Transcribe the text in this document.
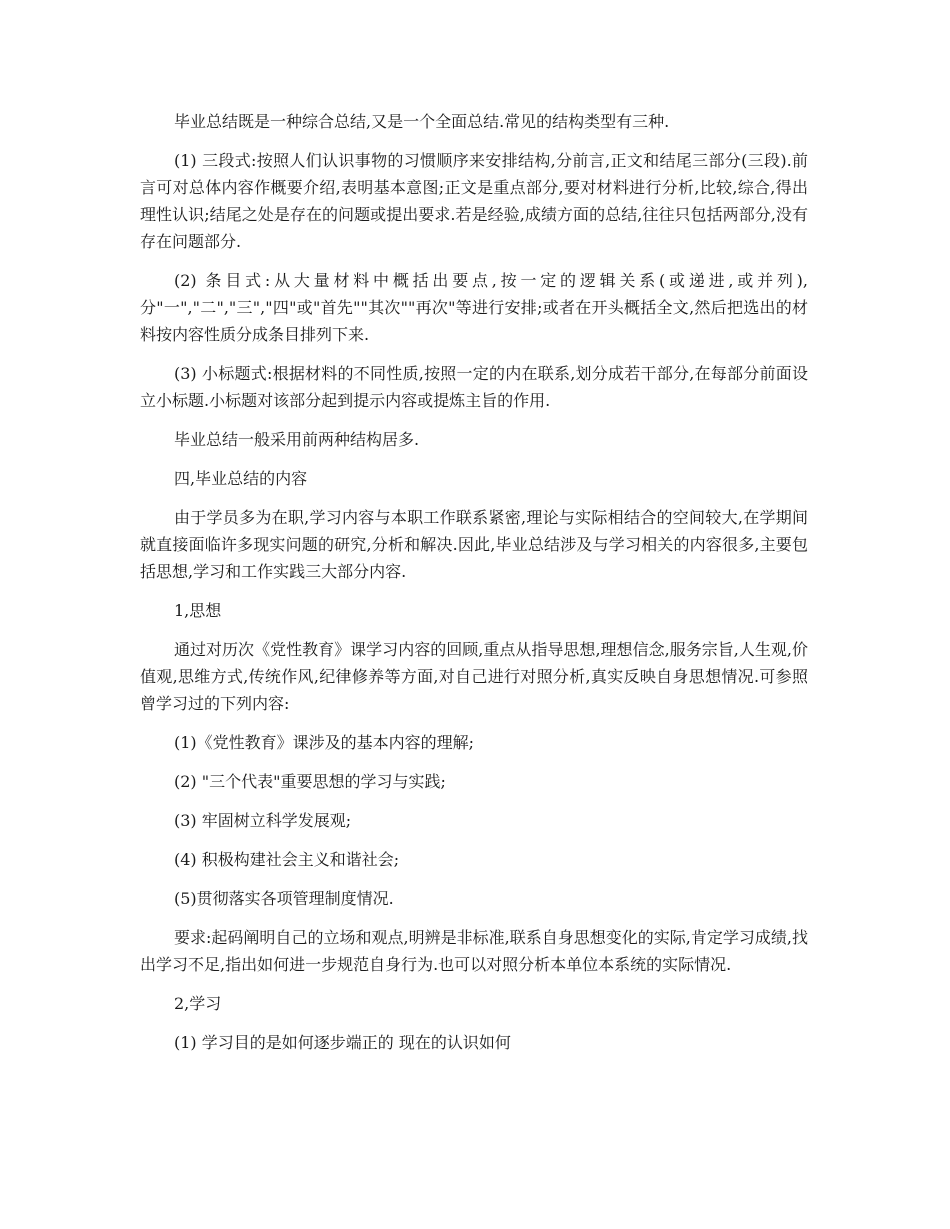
毕业总结既是一种综合总结,又是一个全面总结.常见的结构类型有三种.

(1) 三段式:按照人们认识事物的习惯顺序来安排结构,分前言,正文和结尾三部分(三段).前言可对总体内容作概要介绍,表明基本意图;正文是重点部分,要对材料进行分析,比较,综合,得出理性认识;结尾之处是存在的问题或提出要求.若是经验,成绩方面的总结,往往只包括两部分,没有存在问题部分.

(2) 条目式:从大量材料中概括出要点,按一定的逻辑关系(或递进,或并列),分"一","二","三","四"或"首先""其次""再次"等进行安排;或者在开头概括全文,然后把选出的材料按内容性质分成条目排列下来.

(3) 小标题式:根据材料的不同性质,按照一定的内在联系,划分成若干部分,在每部分前面设立小标题.小标题对该部分起到提示内容或提炼主旨的作用.

毕业总结一般采用前两种结构居多.

四,毕业总结的内容

由于学员多为在职,学习内容与本职工作联系紧密,理论与实际相结合的空间较大,在学期间就直接面临许多现实问题的研究,分析和解决.因此,毕业总结涉及与学习相关的内容很多,主要包括思想,学习和工作实践三大部分内容.

1,思想

通过对历次《党性教育》课学习内容的回顾,重点从指导思想,理想信念,服务宗旨,人生观,价值观,思维方式,传统作风,纪律修养等方面,对自己进行对照分析,真实反映自身思想情况.可参照曾学习过的下列内容:

(1)《党性教育》课涉及的基本内容的理解;

(2) "三个代表"重要思想的学习与实践;

(3) 牢固树立科学发展观;

(4) 积极构建社会主义和谐社会;

(5)贯彻落实各项管理制度情况.

要求:起码阐明自己的立场和观点,明辨是非标准,联系自身思想变化的实际,肯定学习成绩,找出学习不足,指出如何进一步规范自身行为.也可以对照分析本单位本系统的实际情况.

2,学习

(1) 学习目的是如何逐步端正的 现在的认识如何
